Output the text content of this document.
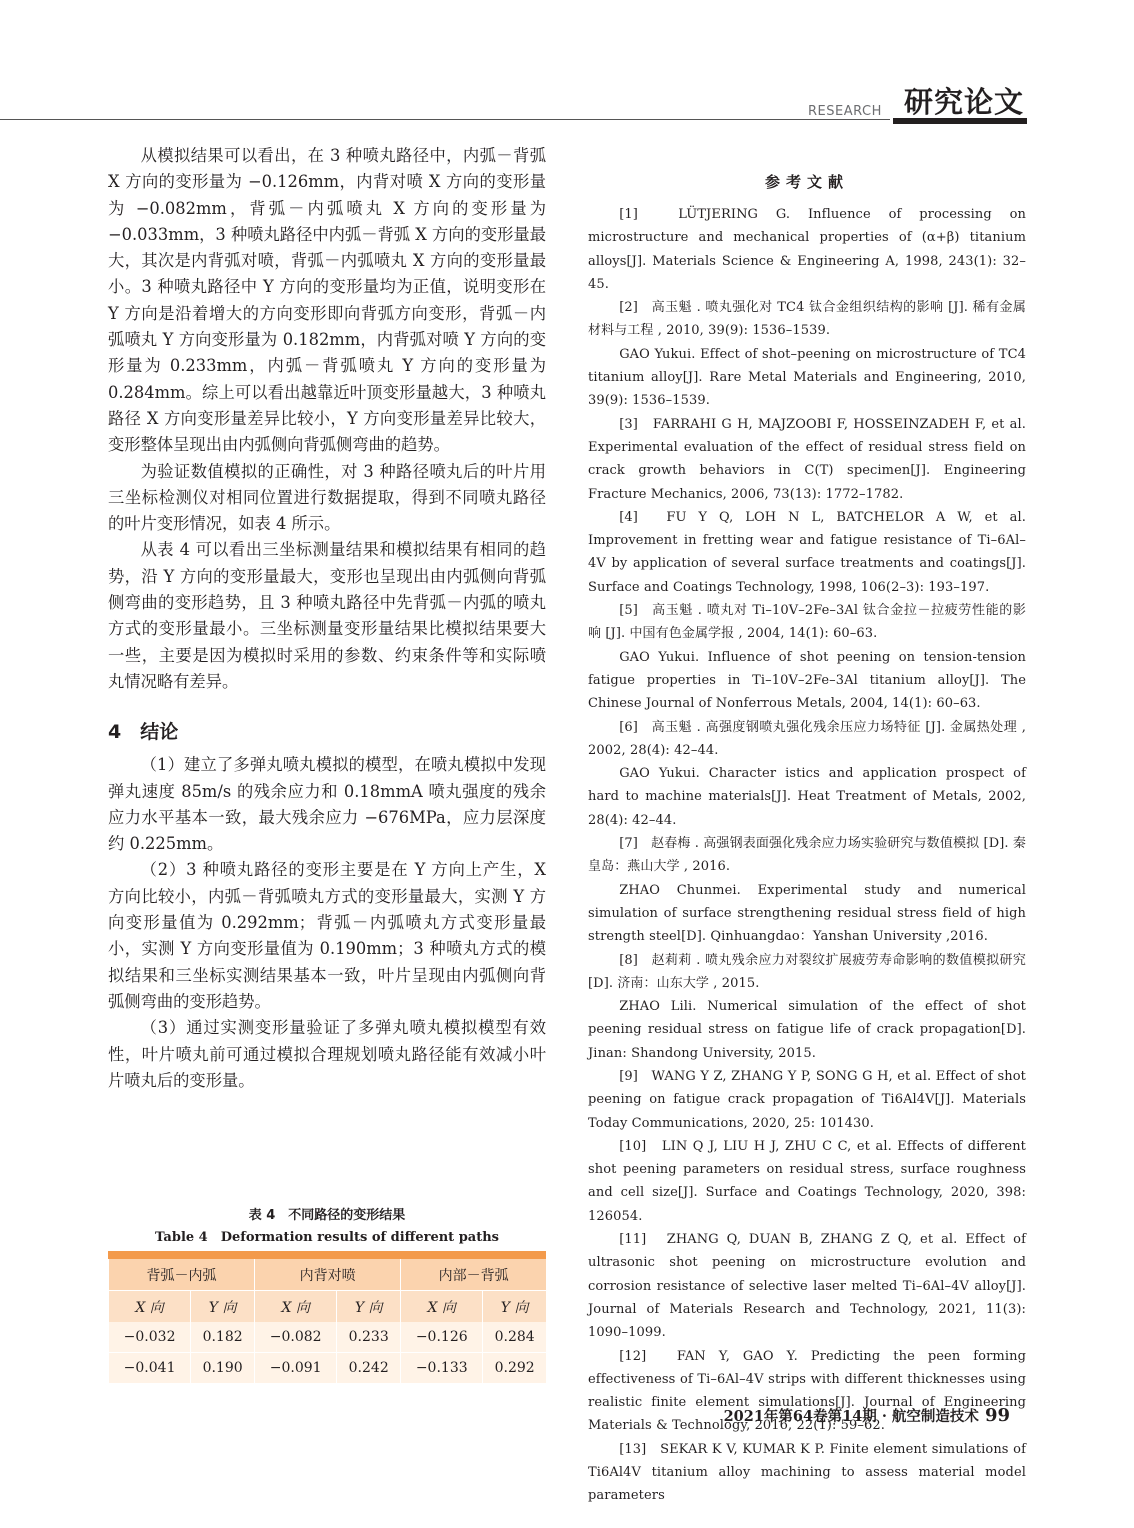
RESEARCH 研究论文

从模拟结果可以看出，在 3 种喷丸路径中，内弧－背弧 X 方向的变形量为 −0.126mm，内背对喷 X 方向的变形量为 −0.082mm，背弧－内弧喷丸 X 方向的变形量为 −0.033mm，3 种喷丸路径中内弧－背弧 X 方向的变形量最大，其次是内背弧对喷，背弧－内弧喷丸 X 方向的变形量最小。3 种喷丸路径中 Y 方向的变形量均为正值，说明变形在 Y 方向是沿着增大的方向变形即向背弧方向变形，背弧－内弧喷丸 Y 方向变形量为 0.182mm，内背弧对喷 Y 方向的变形量为 0.233mm，内弧－背弧喷丸 Y 方向的变形量为 0.284mm。综上可以看出越靠近叶顶变形量越大，3 种喷丸路径 X 方向变形量差异比较小，Y 方向变形量差异比较大，变形整体呈现出由内弧侧向背弧侧弯曲的趋势。

为验证数值模拟的正确性，对 3 种路径喷丸后的叶片用三坐标检测仪对相同位置进行数据提取，得到不同喷丸路径的叶片变形情况，如表 4 所示。

从表 4 可以看出三坐标测量结果和模拟结果有相同的趋势，沿 Y 方向的变形量最大，变形也呈现出由内弧侧向背弧侧弯曲的变形趋势，且 3 种喷丸路径中先背弧－内弧的喷丸方式的变形量最小。三坐标测量变形量结果比模拟结果要大一些，主要是因为模拟时采用的参数、约束条件等和实际喷丸情况略有差异。

4　结论

（1）建立了多弹丸喷丸模拟的模型，在喷丸模拟中发现弹丸速度 85m/s 的残余应力和 0.18mmA 喷丸强度的残余应力水平基本一致，最大残余应力 −676MPa，应力层深度约 0.225mm。

（2）3 种喷丸路径的变形主要是在 Y 方向上产生，X 方向比较小，内弧－背弧喷丸方式的变形量最大，实测 Y 方向变形量值为 0.292mm；背弧－内弧喷丸方式变形量最小，实测 Y 方向变形量值为 0.190mm；3 种喷丸方式的模拟结果和三坐标实测结果基本一致，叶片呈现由内弧侧向背弧侧弯曲的变形趋势。

（3）通过实测变形量验证了多弹丸喷丸模拟模型有效性，叶片喷丸前可通过模拟合理规划喷丸路径能有效减小叶片喷丸后的变形量。

表 4　不同路径的变形结果
Table 4　Deformation results of different paths
背弧－内弧		内背对喷		内部－背弧	
X 向	Y 向	X 向	Y 向	X 向	Y 向
−0.032	0.182	−0.082	0.233	−0.126	0.284
−0.041	0.190	−0.091	0.242	−0.133	0.292
参考文献

[1]　LÜTJERING G. Influence of processing on microstructure and mechanical properties of (α+β) titanium alloys[J]. Materials Science & Engineering A, 1998, 243(1): 32–45.

[2]　高玉魁 . 喷丸强化对 TC4 钛合金组织结构的影响 [J]. 稀有金属材料与工程 , 2010, 39(9): 1536–1539.

GAO Yukui. Effect of shot–peening on microstructure of TC4 titanium alloy[J]. Rare Metal Materials and Engineering, 2010, 39(9): 1536–1539.

[3]　FARRAHI G H, MAJZOOBI F, HOSSEINZADEH F, et al. Experimental evaluation of the effect of residual stress field on crack growth behaviors in C(T) specimen[J]. Engineering Fracture Mechanics, 2006, 73(13): 1772–1782.

[4]　FU Y Q, LOH N L, BATCHELOR A W, et al. Improvement in fretting wear and fatigue resistance of Ti–6Al–4V by application of several surface treatments and coatings[J]. Surface and Coatings Technology, 1998, 106(2–3): 193–197.

[5]　高玉魁 . 喷丸对 Ti–10V–2Fe–3Al 钛合金拉－拉疲劳性能的影响 [J]. 中国有色金属学报 , 2004, 14(1): 60–63.

GAO Yukui. Influence of shot peening on tension-tension fatigue properties in Ti–10V–2Fe–3Al titanium alloy[J]. The Chinese Journal of Nonferrous Metals, 2004, 14(1): 60–63.

[6]　高玉魁 . 高强度钢喷丸强化残余压应力场特征 [J]. 金属热处理 , 2002, 28(4): 42–44.

GAO Yukui. Character istics and application prospect of hard to machine materials[J]. Heat Treatment of Metals, 2002, 28(4): 42–44.

[7]　赵春梅 . 高强钢表面强化残余应力场实验研究与数值模拟 [D]. 秦皇岛：燕山大学 , 2016.

ZHAO Chunmei. Experimental study and numerical simulation of surface strengthening residual stress field of high strength steel[D]. Qinhuangdao：Yanshan University ,2016.

[8]　赵莉莉 . 喷丸残余应力对裂纹扩展疲劳寿命影响的数值模拟研究 [D]. 济南：山东大学 , 2015.

ZHAO Lili. Numerical simulation of the effect of shot peening residual stress on fatigue life of crack propagation[D]. Jinan: Shandong University, 2015.

[9]　WANG Y Z, ZHANG Y P, SONG G H, et al. Effect of shot peening on fatigue crack propagation of Ti6Al4V[J]. Materials Today Communications, 2020, 25: 101430.

[10]　LIN Q J, LIU H J, ZHU C C, et al. Effects of different shot peening parameters on residual stress, surface roughness and cell size[J]. Surface and Coatings Technology, 2020, 398: 126054.

[11]　ZHANG Q, DUAN B, ZHANG Z Q, et al. Effect of ultrasonic shot peening on microstructure evolution and corrosion resistance of selective laser melted Ti–6Al–4V alloy[J]. Journal of Materials Research and Technology, 2021, 11(3): 1090–1099.

[12]　FAN Y, GAO Y. Predicting the peen forming effectiveness of Ti–6Al–4V strips with different thicknesses using realistic finite element simulations[J]. Journal of Engineering Materials & Technology, 2016, 22(1): 59–62.

[13]　SEKAR K V, KUMAR K P. Finite element simulations of Ti6Al4V titanium alloy machining to assess material model parameters

2021年第64卷第14期 · 航空制造技术 99
